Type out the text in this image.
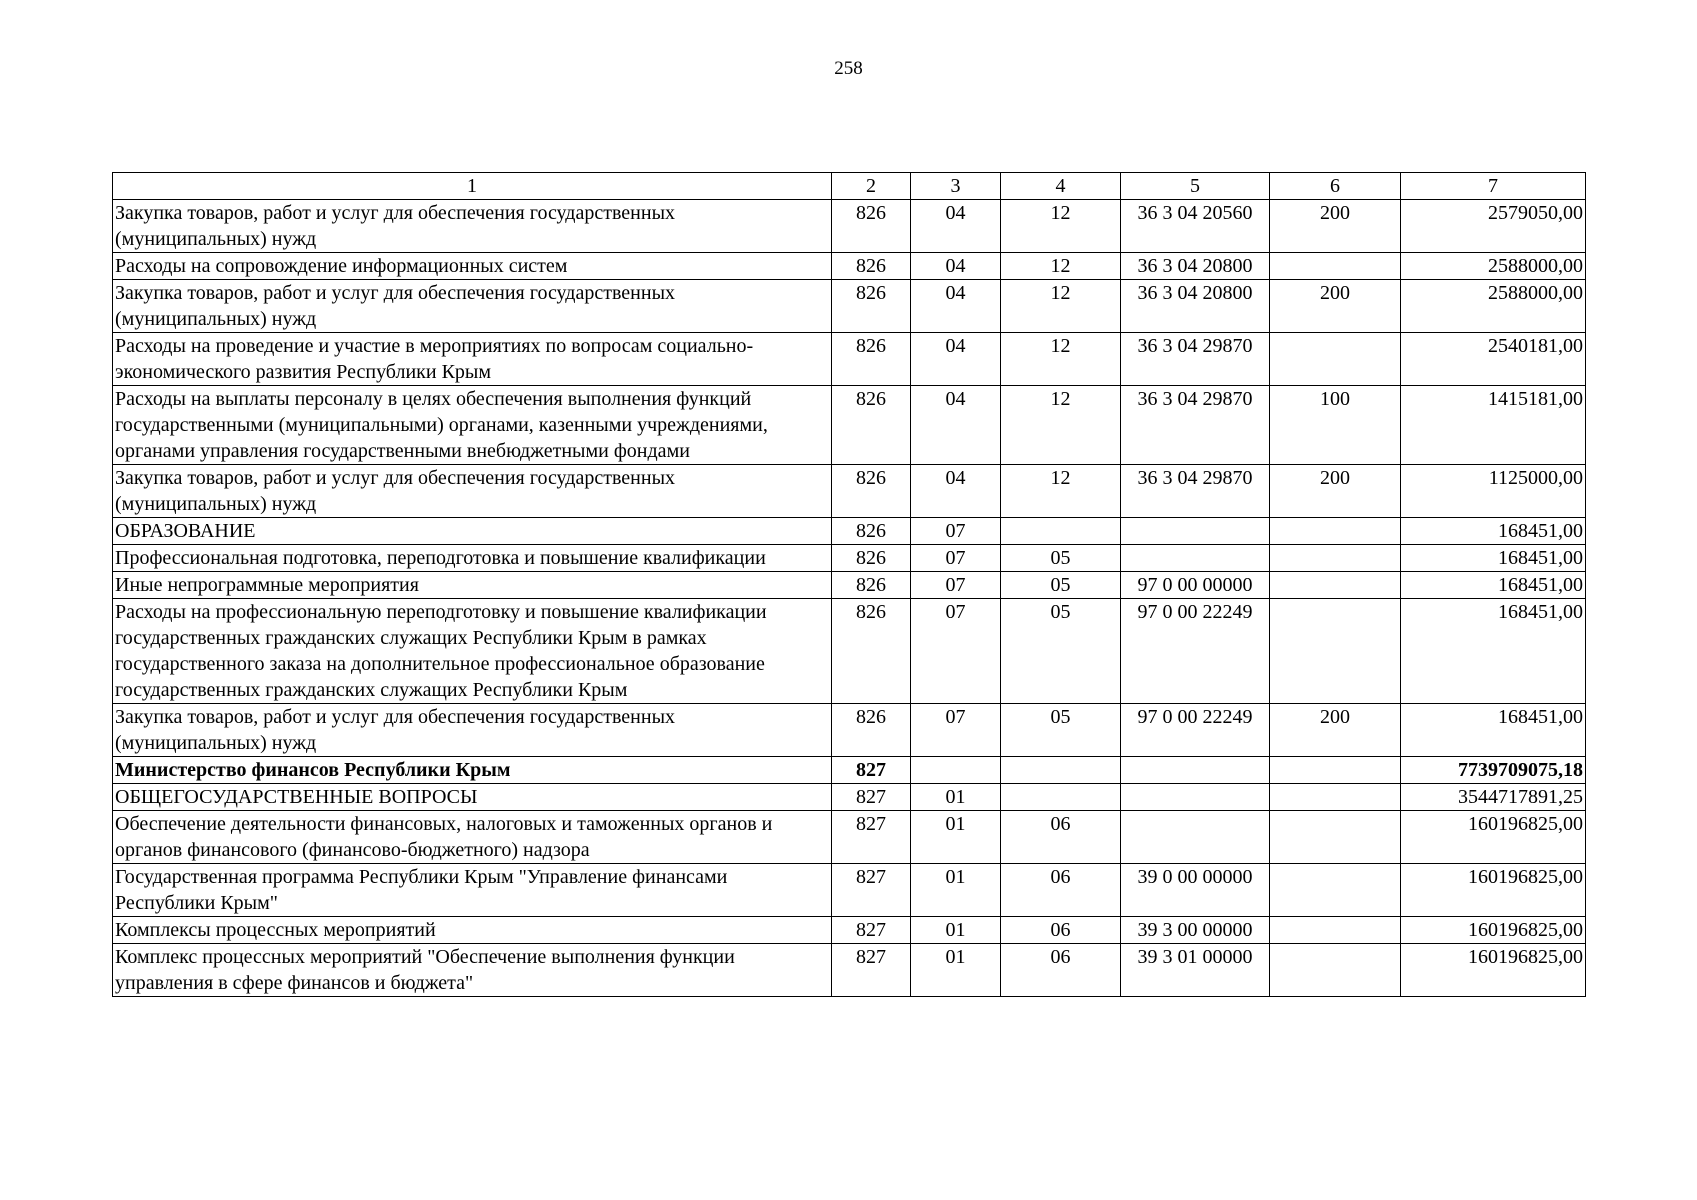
258
1	2	3	4	5	6	7
Закупка товаров, работ и услуг для обеспечения государственных (муниципальных) нужд	826	04	12	36 3 04 20560	200	2579050,00
Расходы на сопровождение информационных систем	826	04	12	36 3 04 20800		2588000,00
Закупка товаров, работ и услуг для обеспечения государственных (муниципальных) нужд	826	04	12	36 3 04 20800	200	2588000,00
Расходы на проведение и участие в мероприятиях по вопросам социально-экономического развития Республики Крым	826	04	12	36 3 04 29870		2540181,00
Расходы на выплаты персоналу в целях обеспечения выполнения функций государственными (муниципальными) органами, казенными учреждениями, органами управления государственными внебюджетными фондами	826	04	12	36 3 04 29870	100	1415181,00
Закупка товаров, работ и услуг для обеспечения государственных (муниципальных) нужд	826	04	12	36 3 04 29870	200	1125000,00
ОБРАЗОВАНИЕ	826	07				168451,00
Профессиональная подготовка, переподготовка и повышение квалификации	826	07	05			168451,00
Иные непрограммные мероприятия	826	07	05	97 0 00 00000		168451,00
Расходы на профессиональную переподготовку и повышение квалификации государственных гражданских служащих Республики Крым в рамках государственного заказа на дополнительное профессиональное образование государственных гражданских служащих Республики Крым	826	07	05	97 0 00 22249		168451,00
Закупка товаров, работ и услуг для обеспечения государственных (муниципальных) нужд	826	07	05	97 0 00 22249	200	168451,00
Министерство финансов Республики Крым	827					7739709075,18
ОБЩЕГОСУДАРСТВЕННЫЕ ВОПРОСЫ	827	01				3544717891,25
Обеспечение деятельности финансовых, налоговых и таможенных органов и органов финансового (финансово-бюджетного) надзора	827	01	06			160196825,00
Государственная программа Республики Крым "Управление финансами Республики Крым"	827	01	06	39 0 00 00000		160196825,00
Комплексы процессных мероприятий	827	01	06	39 3 00 00000		160196825,00
Комплекс процессных мероприятий "Обеспечение выполнения функции управления в сфере финансов и бюджета"	827	01	06	39 3 01 00000		160196825,00
